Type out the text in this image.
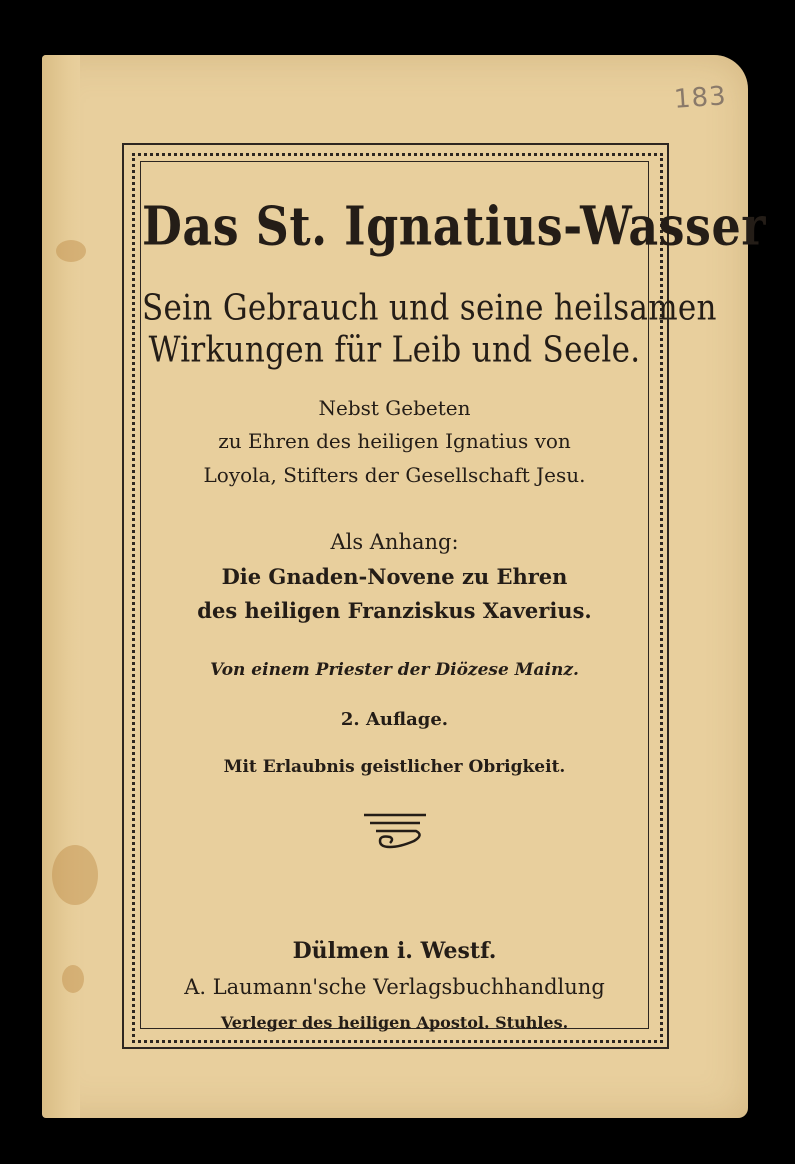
183
Das St. Ignatius-Wasser
Sein Gebrauch und seine heilsamen
Wirkungen für Leib und Seele.
Nebst Gebeten
zu Ehren des heiligen Ignatius von
Loyola, Stifters der Gesellschaft Jesu.
Als Anhang:
Die Gnaden-Novene zu Ehren
des heiligen Franziskus Xaverius.
Von einem Priester der Diözese Mainz.
2. Auflage.
Mit Erlaubnis geistlicher Obrigkeit.
Dülmen i. Westf.
A. Laumann'sche Verlagsbuchhandlung
Verleger des heiligen Apostol. Stuhles.
